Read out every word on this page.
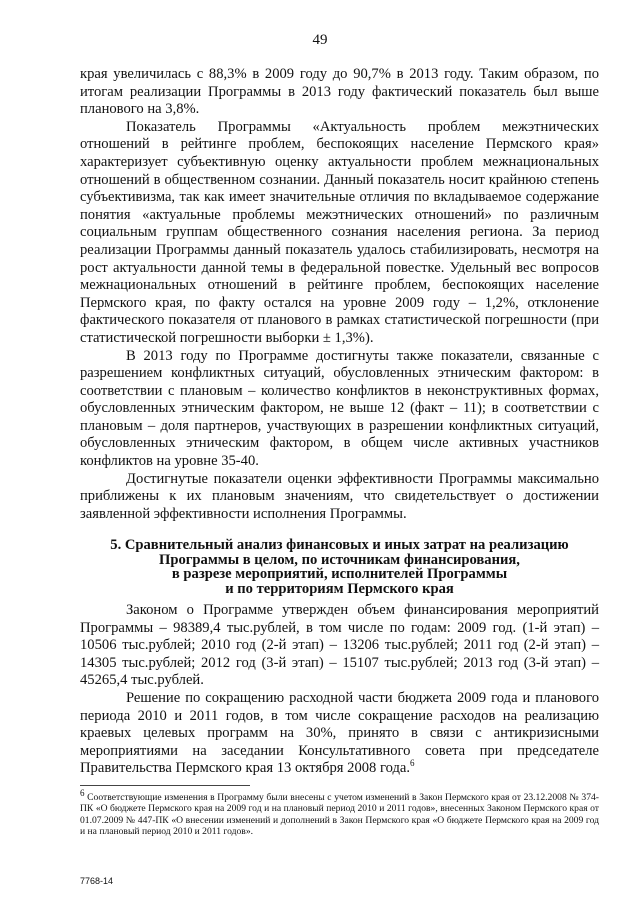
49

края увеличилась с 88,3% в 2009 году до 90,7% в 2013 году. Таким образом, по итогам реализации Программы в 2013 году фактический показатель был выше планового на 3,8%.

Показатель Программы «Актуальность проблем межэтнических отношений в рейтинге проблем, беспокоящих население Пермского края» характеризует субъективную оценку актуальности проблем межнациональных отношений в общественном сознании. Данный показатель носит крайнюю степень субъективизма, так как имеет значительные отличия по вкладываемое содержание понятия «актуальные проблемы межэтнических отношений» по различным социальным группам общественного сознания населения региона. За период реализации Программы данный показатель удалось стабилизировать, несмотря на рост актуальности данной темы в федеральной повестке. Удельный вес вопросов межнациональных отношений в рейтинге проблем, беспокоящих население Пермского края, по факту остался на уровне 2009 году – 1,2%, отклонение фактического показателя от планового в рамках статистической погрешности (при статистической погрешности выборки ± 1,3%).

В 2013 году по Программе достигнуты также показатели, связанные с разрешением конфликтных ситуаций, обусловленных этническим фактором: в соответствии с плановым – количество конфликтов в неконструктивных формах, обусловленных этническим фактором, не выше 12 (факт – 11); в соответствии с плановым – доля партнеров, участвующих в разрешении конфликтных ситуаций, обусловленных этническим фактором, в общем числе активных участников конфликтов на уровне 35-40.

Достигнутые показатели оценки эффективности Программы максимально приближены к их плановым значениям, что свидетельствует о достижении заявленной эффективности исполнения Программы.

5. Сравнительный анализ финансовых и иных затрат на реализацию
Программы в целом, по источникам финансирования,
в разрезе мероприятий, исполнителей Программы
и по территориям Пермского края

Законом о Программе утвержден объем финансирования мероприятий Программы – 98389,4 тыс.рублей, в том числе по годам: 2009 год. (1-й этап) – 10506 тыс.рублей; 2010 год (2-й этап) – 13206 тыс.рублей; 2011 год (2-й этап) – 14305 тыс.рублей; 2012 год (3-й этап) – 15107 тыс.рублей; 2013 год (3-й этап) – 45265,4 тыс.рублей.

Решение по сокращению расходной части бюджета 2009 года и планового периода 2010 и 2011 годов, в том числе сокращение расходов на реализацию краевых целевых программ на 30%, принято в связи с антикризисными мероприятиями на заседании Консультативного совета при председателе Правительства Пермского края 13 октября 2008 года.$^6$

$^6$ Соответствующие изменения в Программу были внесены с учетом изменений в Закон Пермского края от 23.12.2008 № 374-ПК «О бюджете Пермского края на 2009 год и на плановый период 2010 и 2011 годов», внесенных Законом Пермского края от 01.07.2009 № 447-ПК «О внесении изменений и дополнений в Закон Пермского края «О бюджете Пермского края на 2009 год и на плановый период 2010 и 2011 годов».
7768-14
